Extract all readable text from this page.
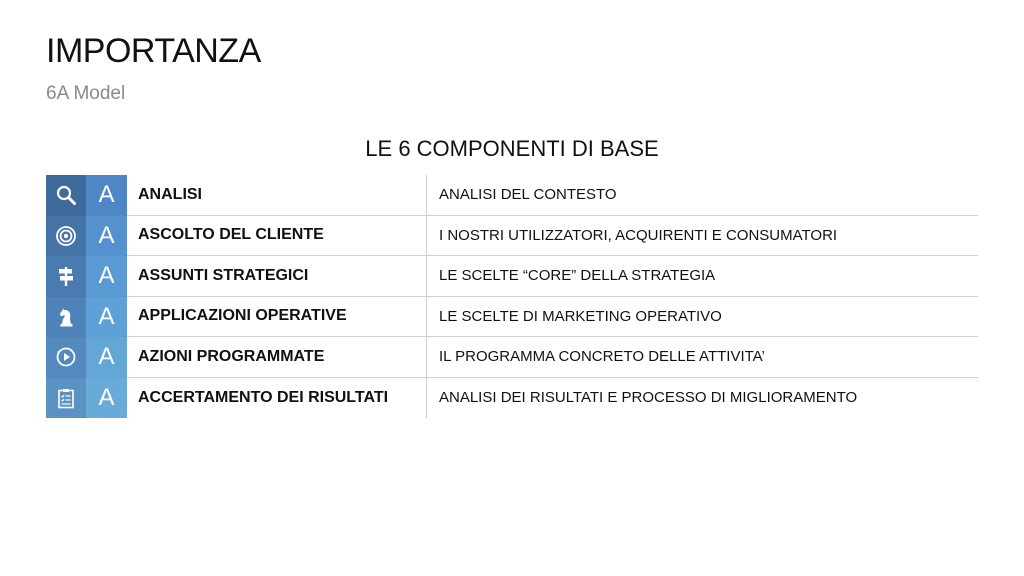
IMPORTANZA
6A Model
LE 6 COMPONENTI DI BASE
A	ANALISI	ANALISI DEL CONTESTO
A	ASCOLTO DEL CLIENTE	I NOSTRI UTILIZZATORI, ACQUIRENTI E CONSUMATORI
A	ASSUNTI STRATEGICI	LE SCELTE “CORE” DELLA STRATEGIA
A	APPLICAZIONI OPERATIVE	LE SCELTE DI MARKETING OPERATIVO
A	AZIONI PROGRAMMATE	IL PROGRAMMA CONCRETO DELLE ATTIVITA’
A	ACCERTAMENTO DEI RISULTATI	ANALISI DEI RISULTATI E PROCESSO DI MIGLIORAMENTO
